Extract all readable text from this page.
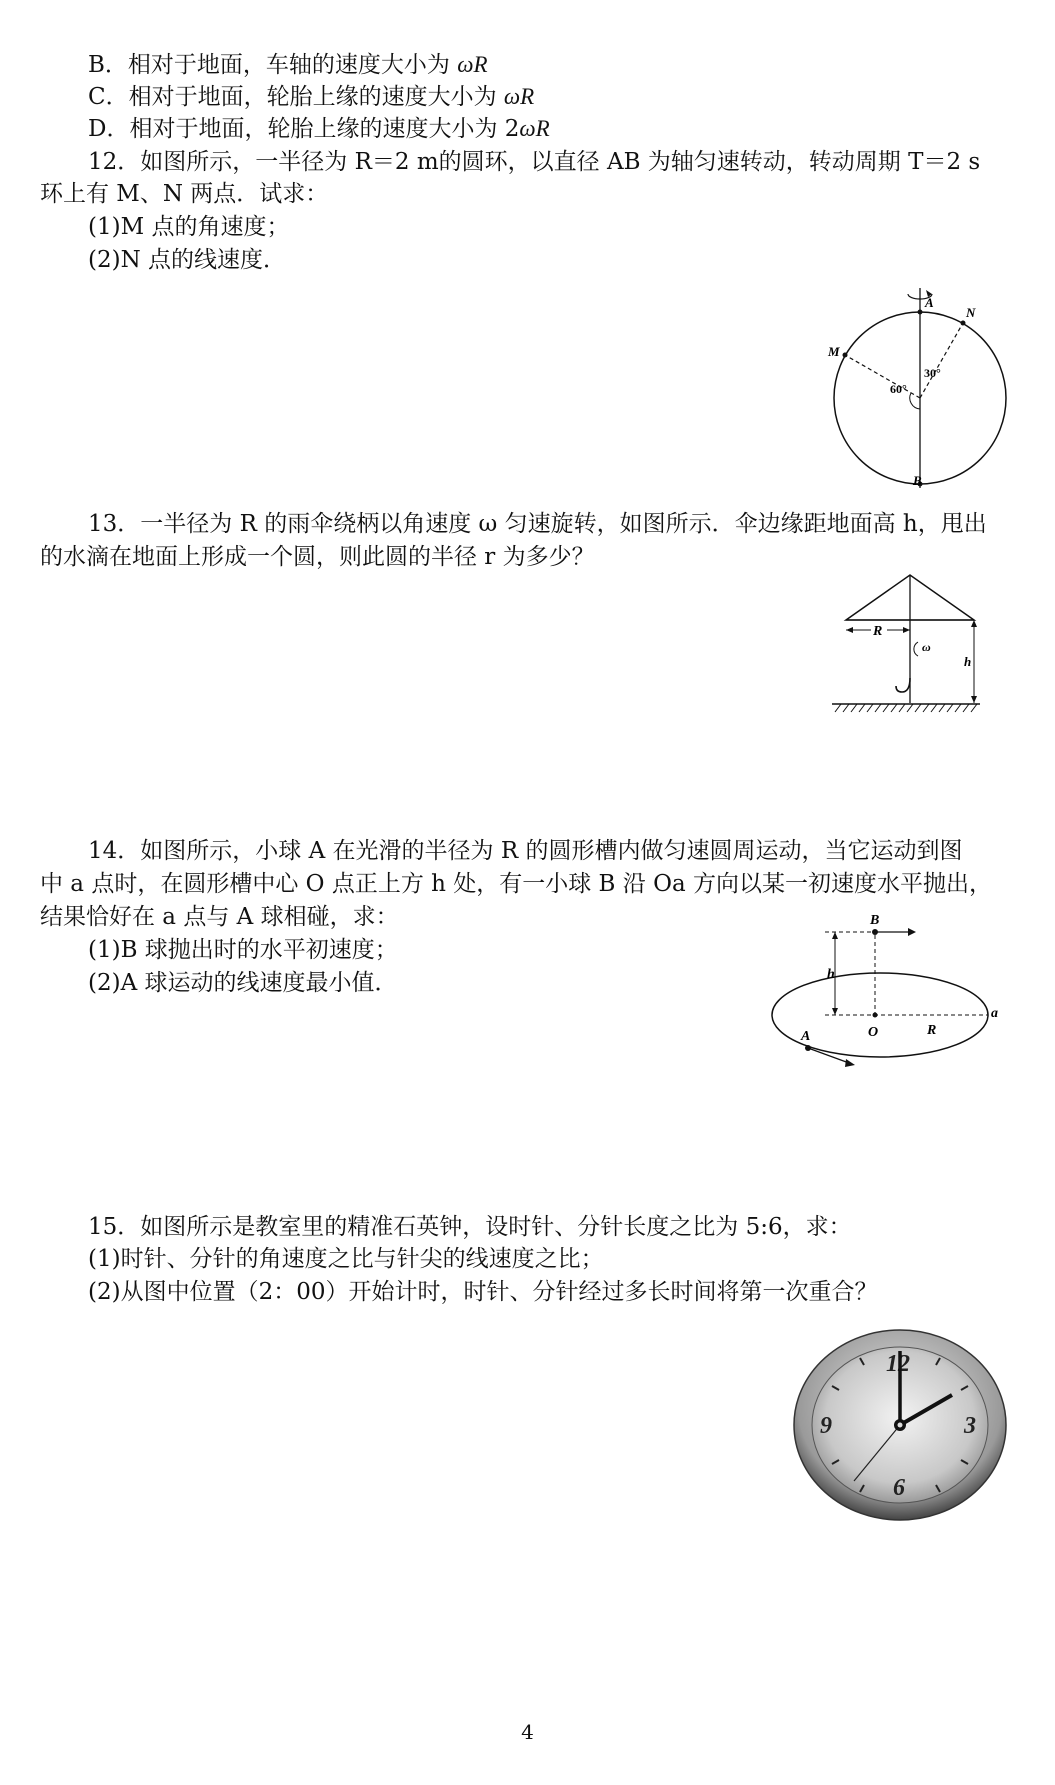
B．相对于地面，车轴的速度大小为 ωR
C．相对于地面，轮胎上缘的速度大小为 ωR
D．相对于地面，轮胎上缘的速度大小为 2ωR
12．如图所示，一半径为 R＝2 m的圆环，以直径 AB 为轴匀速转动，转动周期 T＝2 s
环上有 M、N 两点．试求：
(1)M 点的角速度；
(2)N 点的线速度．
A
B
M
N
60°
30°
13．一半径为 R 的雨伞绕柄以角速度 ω 匀速旋转，如图所示．伞边缘距地面高 h，甩出
的水滴在地面上形成一个圆，则此圆的半径 r 为多少？
R
ω
h
14．如图所示，小球 A 在光滑的半径为 R 的圆形槽内做匀速圆周运动，当它运动到图
中 a 点时，在圆形槽中心 O 点正上方 h 处，有一小球 B 沿 Oa 方向以某一初速度水平抛出，
结果恰好在 a 点与 A 球相碰，求：
(1)B 球抛出时的水平初速度；
(2)A 球运动的线速度最小值．
B
h
O	R
a
A
15．如图所示是教室里的精准石英钟，设时针、分针长度之比为 5:6，求：
(1)时针、分针的角速度之比与针尖的线速度之比；
(2)从图中位置（2：00）开始计时，时针、分针经过多长时间将第一次重合？
12
3
6
9
4
